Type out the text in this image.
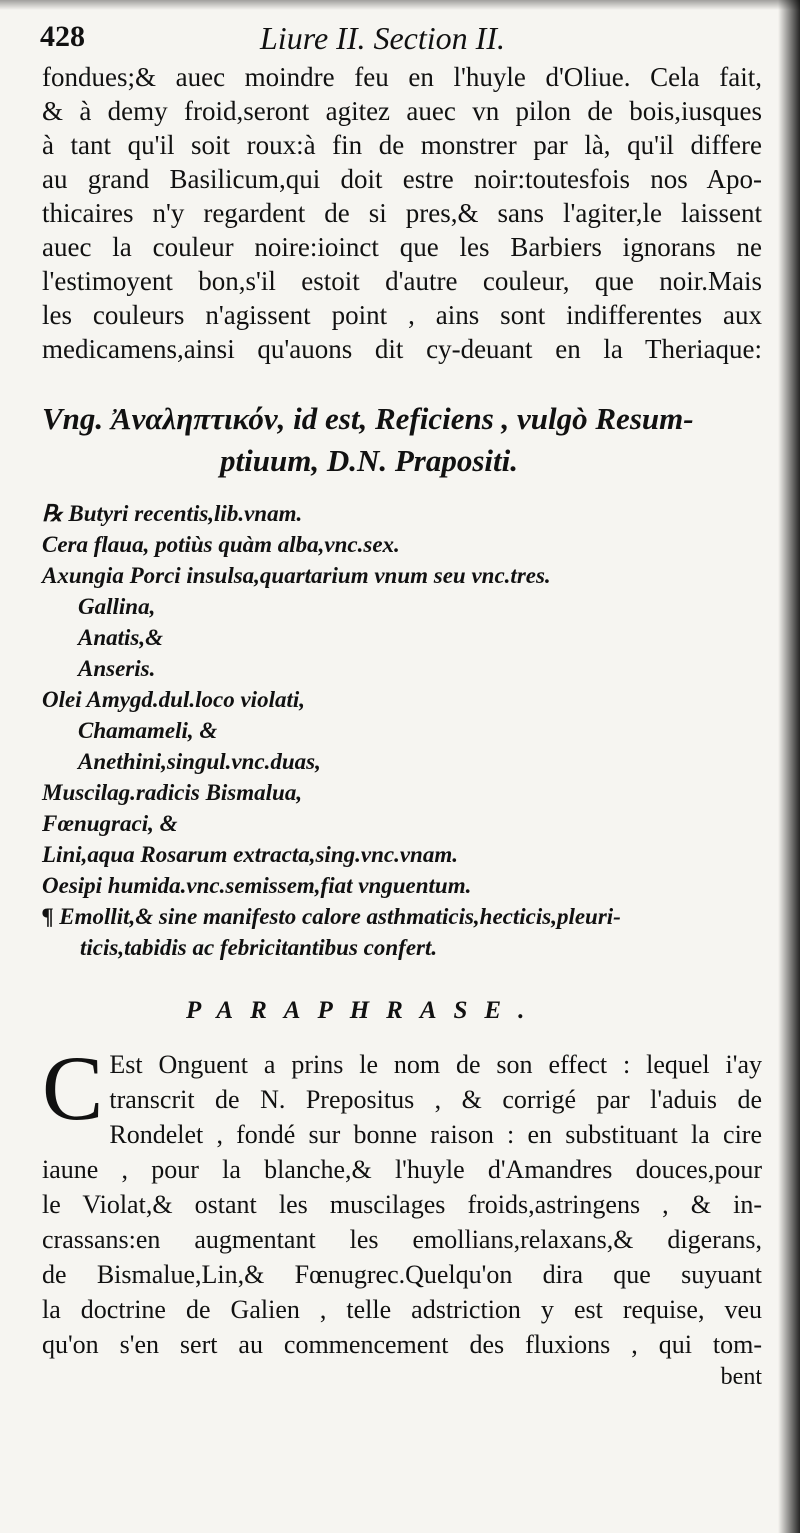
428	Liure II. Section II.
fondues;& auec moindre feu en l'huyle d'Oliue. Cela fait,
& à demy froid,seront agitez auec vn pilon de bois,iusques
à tant qu'il soit roux:à fin de monstrer par là, qu'il differe
au grand Basilicum,qui doit estre noir:toutesfois nos Apo-
thicaires n'y regardent de si pres,& sans l'agiter,le laissent
auec la couleur noire:ioinct que les Barbiers ignorans ne
l'estimoyent bon,s'il estoit d'autre couleur, que noir.Mais
les couleurs n'agissent point , ains sont indifferentes aux
medicamens,ainsi qu'auons dit cy-deuant en la Theriaque:
Vng. Ἀναληπτικόν, id est, Reficiens , vulgò Resum-
ptiuum, D.N. Prapositi.
℞ Butyri recentis,lib.vnam.
Cera flaua, potiùs quàm alba,vnc.sex.
Axungia Porci insulsa,quartarium vnum seu vnc.tres.
Gallina,
Anatis,&
Anseris.
Olei Amygd.dul.loco violati,
Chamameli, &
Anethini,singul.vnc.duas,
Muscilag.radicis Bismalua,
Fœnugraci, &
Lini,aqua Rosarum extracta,sing.vnc.vnam.
Oesipi humida.vnc.semissem,fiat vnguentum.
¶ Emollit,& sine manifesto calore asthmaticis,hecticis,pleuri-
ticis,tabidis ac febricitantibus confert.
PARAPHRASE.
C Est Onguent a prins le nom de son effect : lequel i'ay
transcrit de N. Prepositus , & corrigé par l'aduis de
Rondelet , fondé sur bonne raison : en substituant la cire
iaune , pour la blanche,& l'huyle d'Amandres douces,pour
le Violat,& ostant les muscilages froids,astringens , & in-
crassans:en augmentant les emollians,relaxans,& digerans,
de Bismalue,Lin,& Fœnugrec.Quelqu'on dira que suyuant
la doctrine de Galien , telle adstriction y est requise, veu
qu'on s'en sert au commencement des fluxions , qui tom-
bent
